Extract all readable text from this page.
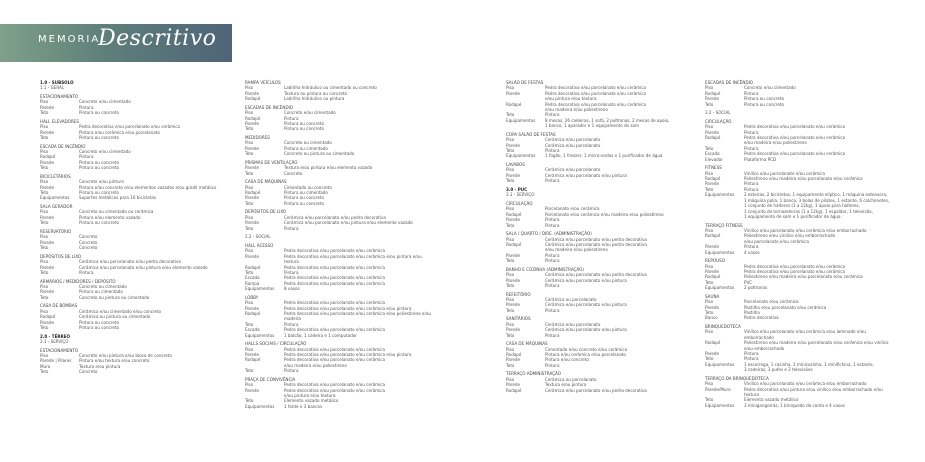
MEMORIAL
Descritivo
1.0 - SUBSOLO
1.1 - GERAL
ESTACIONAMENTO
Piso	Concreto e/ou cimentado
Parede	Pintura
Teto	Pintura ou concreto
HALL ELEVADORES
Piso	Pedra decorativa e/ou porcelanato e/ou cerâmica
Parede	Pintura e/ou cerâmica e/ou porcelanato
Teto	Pintura ou concreto
ESCADA DE INCÊNDIO
Piso	Concreto e/ou cimentado
Rodapé	Pintura
Parede	Pintura ou concreto
Teto	Pintura ou concreto
BICICLETÁRIOS
Piso	Concreto e/ou pintura
Parede	Pintura e/ou concreto e/ou elementos vazados e/ou gradil metálico
Teto	Pintura ou concreto
Equipamentos	Suportes metálicos para 16 bicicletas
SALA GERADOR
Piso	Concreto ou cimentado ou cerâmica
Parede	Pintura e/ou elemento vazado
Teto	Pintura ou concreto
RESERVATÓRIO
Piso	Concreto
Parede	Concreto
Teto	Concreto
DEPÓSITOS DE LIXO
Piso	Cerâmica e/ou porcelanato e/ou pedra decorativa
Parede	Cerâmica e/ou porcelanato e/ou pintura e/ou elemento vazado
Teto	Pintura
ARMÁRIOS / MEDIDORES / DEPÓSITO
Piso	Concreto ou cimentado
Parede	Pintura ou cimentado
Teto	Concreto ou pintura ou cimentado
CASA DE BOMBAS
Piso	Cerâmica e/ou cimentado e/ou concreto
Rodapé	Cerâmica ou pintura ou cimentado
Parede	Pintura ou concreto
Teto	Pintura ou concreto
2.0 - TÉRREO
2.1 - SERVIÇO
ESTACIONAMENTO
Piso	Concreto e/ou pintura e/ou bloco de concreto
Parede | Pilares	Pintura e/ou textura e/ou concreto
Muro	Textura e/ou pintura
Teto	Concreto
RAMPA VEÍCULOS
Piso	Ladrilho hidráulico ou cimentado ou concreto
Parede	Textura ou pintura ou concreto
Rodapé	Ladrilho hidráulico ou pintura
ESCADAS DE INCÊNDIO
Piso	Concreto e/ou cimentado
Rodapé	Pintura
Parede	Pintura ou concreto
Teto	Pintura ou concreto
MEDIDORES
Piso	Concreto ou cimentado
Parede	Pintura ou cimentado
Teto	Concreto ou pintura ou cimentado
PRISMAS DE VENTILAÇÃO
Parede	Textura e/ou pintura e/ou elemento vazado
Teto	Concreto
CASA DE MÁQUINAS
Piso	Cimentado ou concreto
Rodapé	Pintura ou cimentado
Parede	Pintura ou concreto
Teto	Pintura ou concreto
DEPÓSITOS DE LIXO
Piso	Cerâmica e/ou porcelanato e/ou pedra decorativa
Parede	Cerâmica e/ou porcelanato e/ou pintura e/ou elemento vazado
Teto	Pintura
2.2 - SOCIAL
HALL ACESSO
Piso	Pedra decorativa e/ou porcelanato e/ou cerâmica
Parede	Pedra decorativa e/ou porcelanato e/ou cerâmica e/ou pintura e/ou textura
Rodapé	Pedra decorativa e/ou porcelanato e/ou cerâmica
Teto	Pintura
Escada	Pedra decorativa e/ou porcelanato e/ou cerâmica
Rampa	Pedra decorativa e/ou porcelanato e/ou cerâmica
Equipamentos	8 vasos
LOBBY
Piso	Pedra decorativa e/ou porcelanato e/ou cerâmica
Parede	Pedra decorativa e/ou porcelanato e/ou cerâmica e/ou pintura
Rodapé	Pedra decorativa e/ou porcelanato e/ou cerâmica e/ou poliestireno e/ou madeira
Teto	Pintura
Escada	Pedra decorativa e/ou porcelanato e/ou cerâmica
Equipamentos	1 balcão, 1 cadeira e 1 computador
HALLS SOCIAIS / CIRCULAÇÃO
Piso	Pedra decorativa e/ou porcelanato e/ou cerâmica
Parede	Pedra decorativa e/ou porcelanato e/ou cerâmica e/ou pintura
Rodapé	Pedra decorativa e/ou porcelanato e/ou cerâmica
e/ou madeira e/ou poliestireno
Teto	Pintura
PRAÇA DE CONVIVÊNCIA
Piso	Pedra decorativa e/ou porcelanato e/ou cerâmica
Parede	Pedra decorativa e/ou porcelanato e/ou cerâmica
e/ou pintura e/ou textura
Teto	Elemento vazado metálico
Equipamentos	1 fonte e 3 bancos
SALÃO DE FESTAS
Piso	Pedra decorativa e/ou porcelanato e/ou cerâmica
Parede	Pedra decorativa e/ou porcelanato e/ou cerâmica
e/ou pintura e/ou textura
Rodapé	Pedra decorativa e/ou porcelanato e/ou cerâmica
e/ou madeira e/ou poliestireno
Teto	Pintura
Equipamentos	8 mesas, 26 cadeiras, 1 sofá, 2 poltronas, 2 mesas de apoio,
1 banco, 1 aparador e 1 equipamento de som
COPA SALÃO DE FESTAS
Piso	Cerâmica e/ou porcelanato
Parede	Cerâmica e/ou porcelanato
Teto	Pintura
Equipamentos	1 fogão, 1 freezer, 1 micro-ondas e 1 purificador de água
LAVABOS
Piso	Cerâmica e/ou porcelanato
Parede	Cerâmica e/ou porcelanato e/ou pintura
Teto	Pintura
3.0 - PUC
3.1 - SERVIÇO
CIRCULAÇÃO
Piso	Porcelanato e/ou cerâmica
Rodapé	Porcelanato e/ou cerâmica e/ou madeira e/ou poliestireno
Parede	Pintura
Teto	Pintura
SALA / QUARTO / DIRE. (ADMINISTRAÇÃO)
Piso	Cerâmica e/ou porcelanato e/ou pedra decorativa
Rodapé	Cerâmica e/ou porcelanato e/ou pedra decorativa
e/ou madeira e/ou poliestireno
Parede	Pintura
Teto	Pintura
BANHO E COZINHA (ADMINISTRAÇÃO)
Piso	Cerâmica e/ou porcelanato e/ou pedra decorativa
Parede	Cerâmica e/ou porcelanato e/ou pintura
Teto	Pintura
REFEITÓRIO
Piso	Cerâmica ou porcelanato
Parede	Cerâmica e/ou porcelanato e/ou pintura
Teto	Pintura
SANITÁRIOS
Piso	Cerâmica e/ou porcelanato
Parede	Cerâmica e/ou porcelanato e/ou pintura
Teto	Pintura
CASA DE MÁQUINAS
Piso	Cimentado e/ou concreto e/ou cerâmica
Rodapé	Pintura e/ou cerâmica e/ou porcelanato
Parede	Pintura e/ou concreto
Teto	Pintura
TERRAÇO ADMINISTRAÇÃO
Piso	Cerâmica ou porcelanato
Parede	Textura e/ou pintura
Rodapé	Cerâmica e/ou porcelanato e/ou pedra decorativa
ESCADAS DE INCÊNDIO
Piso	Concreto e/ou cimentado
Rodapé	Pintura
Parede	Pintura ou concreto
Teto	Pintura ou concreto
3.2 - SOCIAL
CIRCULAÇÃO
Piso	Pedra decorativa e/ou porcelanato e/ou cerâmica
Parede	Pintura
Rodapé	Pedra decorativa e/ou porcelanato e/ou cerâmica
e/ou madeira e/ou poliestireno
Teto	Pintura
Escada	Pedra decorativa e/ou porcelanato e/ou cerâmica
Elevador	Plataforma PCD
FITNESS
Piso	Vinílico e/ou porcelanato e/ou cerâmica
Rodapé	Poliestireno e/ou madeira e/ou porcelanato e/ou cerâmica
Parede	Pintura
Teto	Pintura
Equipamentos	2 esteiras, 2 bicicletas, 1 equipamento elíptico, 1 máquina extensora,
1 máquina polia, 1 banco, 3 bolas de pilates, 1 estante, 6 colchonetes,
1 conjunto de halteres (1 a 12kg), 1 apoio para halteres,
1 conjunto de tornozeleiras (1 a 12kg), 1 espaldar, 1 televisão,
1 equipamento de som e 1 purificador de água.
TERRAÇO FITNESS
Piso	Vinílico e/ou porcelanato e/ou cerâmica e/ou emborrachado
Rodapé	Poliestireno e/ou vinílico e/ou emborrachado
e/ou porcelanato e/ou cerâmica
Parede	Pintura
Equipamentos	4 vasos
REPOUSO
Piso	Pedra decorativa e/ou porcelanato e/ou cerâmica
Parede	Pedra decorativa e/ou porcelanato e/ou cerâmica
Rodapé	Poliestireno e/ou madeira e/ou porcelanato e/ou cerâmica
Teto	PVC
Equipamentos	2 poltronas
SAUNA
Piso	Porcelanato e/ou cerâmica
Parede	Pastilha e/ou porcelanato e/ou cerâmica
Teto	Pastilha
Banco	Pedra decorativa
BRINQUEDOTECA
Piso	Vinílico e/ou porcelanato e/ou cerâmica e/ou laminado e/ou emborrachado
Rodapé	Poliestireno e/ou madeira e/ou porcelanato e/ou cerâmica e/ou vinílico
e/ou emborrachado
Parede	Pintura
Teto	Pintura
Equipamentos	1 escorrega, 1 casinha, 1 minicozinha, 1 minifichina, 1 estante,
3 cadeiras, 3 pufes e 2 televisões
TERRAÇO DA BRINQUEDOTECA
Piso	Vinílico e/ou porcelanato e/ou cerâmica e/ou emborrachado
Parede/Muro	Pedra decorativa e/ou pintura e/ou vinílico e/ou emborrachado e/ou textura
Teto	Elemento vazado metálico
Equipamentos	3 minigangorras, 1 brinquedo de corda e 4 vasos
